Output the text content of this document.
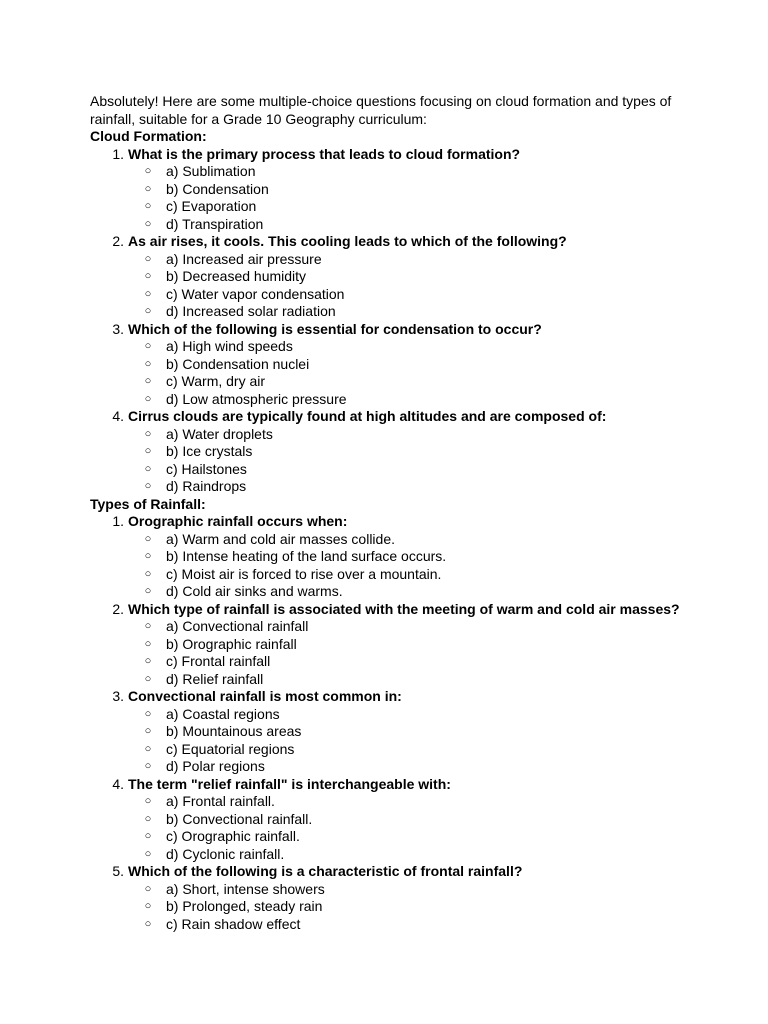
Absolutely! Here are some multiple-choice questions focusing on cloud formation and types of rainfall, suitable for a Grade 10 Geography curriculum:

Cloud Formation:
1. What is the primary process that leads to cloud formation?
○ a) Sublimation
○ b) Condensation
○ c) Evaporation
○ d) Transpiration
2. As air rises, it cools. This cooling leads to which of the following?
○ a) Increased air pressure
○ b) Decreased humidity
○ c) Water vapor condensation
○ d) Increased solar radiation
3. Which of the following is essential for condensation to occur?
○ a) High wind speeds
○ b) Condensation nuclei
○ c) Warm, dry air
○ d) Low atmospheric pressure
4. Cirrus clouds are typically found at high altitudes and are composed of:
○ a) Water droplets
○ b) Ice crystals
○ c) Hailstones
○ d) Raindrops
Types of Rainfall:
1. Orographic rainfall occurs when:
○ a) Warm and cold air masses collide.
○ b) Intense heating of the land surface occurs.
○ c) Moist air is forced to rise over a mountain.
○ d) Cold air sinks and warms.
2. Which type of rainfall is associated with the meeting of warm and cold air masses?
○ a) Convectional rainfall
○ b) Orographic rainfall
○ c) Frontal rainfall
○ d) Relief rainfall
3. Convectional rainfall is most common in:
○ a) Coastal regions
○ b) Mountainous areas
○ c) Equatorial regions
○ d) Polar regions
4. The term "relief rainfall" is interchangeable with:
○ a) Frontal rainfall.
○ b) Convectional rainfall.
○ c) Orographic rainfall.
○ d) Cyclonic rainfall.
5. Which of the following is a characteristic of frontal rainfall?
○ a) Short, intense showers
○ b) Prolonged, steady rain
○ c) Rain shadow effect
